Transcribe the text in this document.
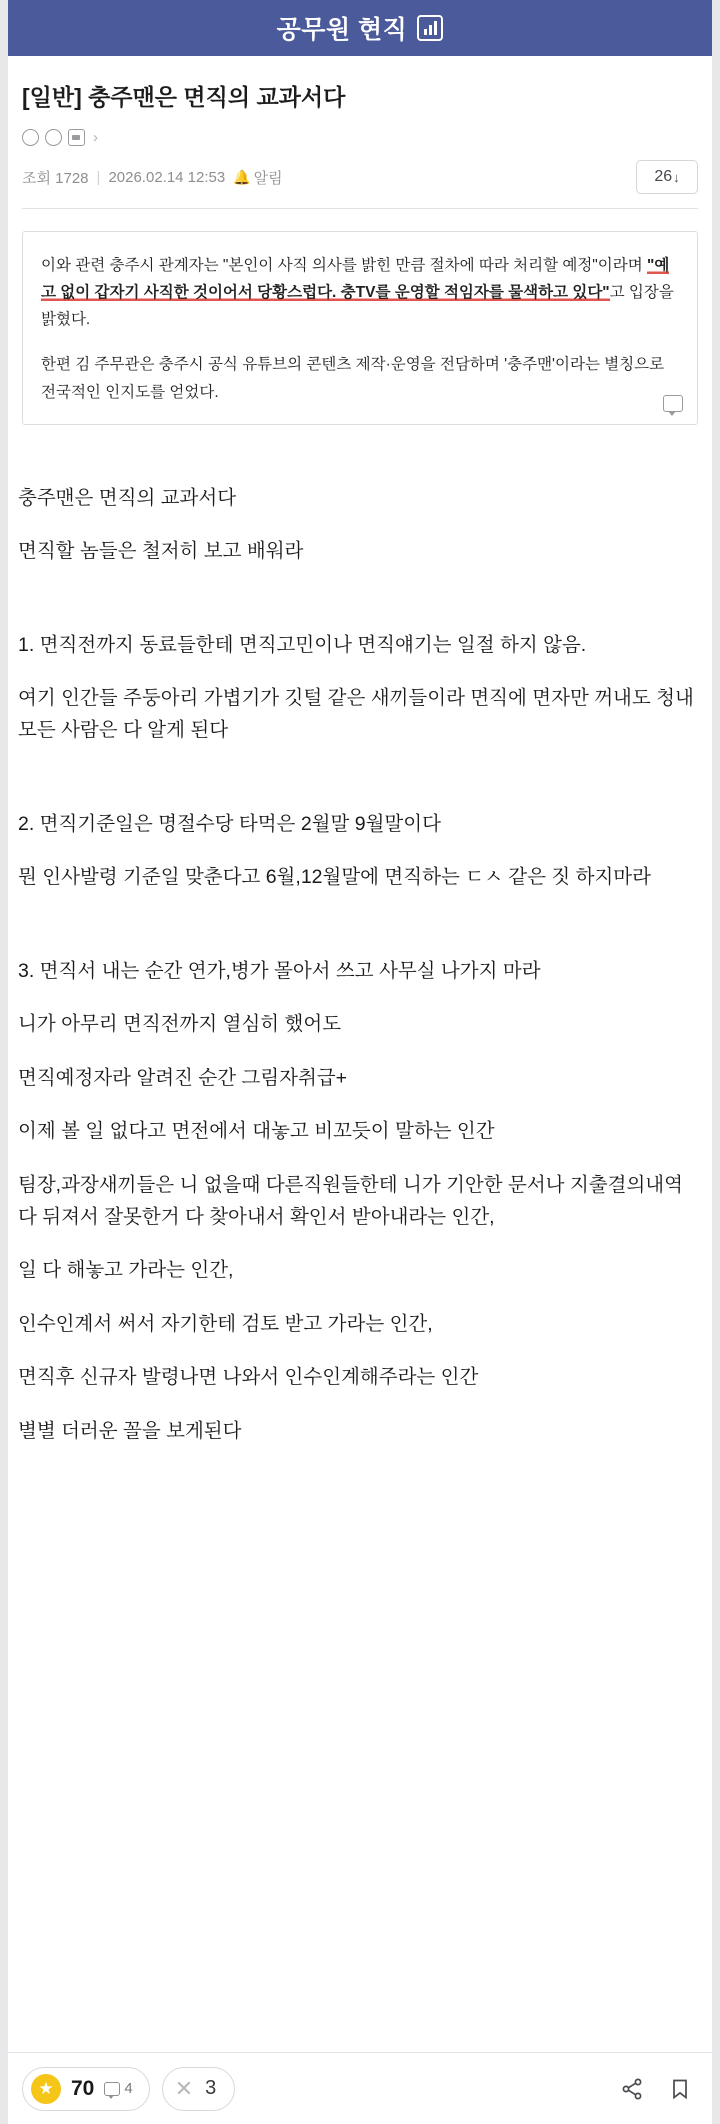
공무원 현직
[일반] 충주맨은 면직의 교과서다
›
조회 1728 | 2026.02.14 12:53 🔔 알림	26 ↓

이와 관련 충주시 관계자는 "본인이 사직 의사를 밝힌 만큼 절차에 따라 처리할 예정"이라며 "예고 없이 갑자기 사직한 것이어서 당황스럽다. 충TV를 운영할 적임자를 물색하고 있다"고 입장을 밝혔다.

한편 김 주무관은 충주시 공식 유튜브의 콘텐츠 제작·운영을 전담하며 '충주맨'이라는 별칭으로 전국적인 인지도를 얻었다.

충주맨은 면직의 교과서다

면직할 놈들은 철저히 보고 배워라

1. 면직전까지 동료들한테 면직고민이나 면직얘기는 일절 하지 않음.

여기 인간들 주둥아리 가볍기가 깃털 같은 새끼들이라 면직에 면자만 꺼내도 청내 모든 사람은 다 알게 된다

2. 면직기준일은 명절수당 타먹은 2월말 9월말이다

뭔 인사발령 기준일 맞춘다고 6월,12월말에 면직하는 ㄷㅅ 같은 짓 하지마라

3. 면직서 내는 순간 연가,병가 몰아서 쓰고 사무실 나가지 마라

니가 아무리 면직전까지 열심히 했어도

면직예정자라 알려진 순간 그림자취급+

이제 볼 일 없다고 면전에서 대놓고 비꼬듯이 말하는 인간

팀장,과장새끼들은 니 없을때 다른직원들한테 니가 기안한 문서나 지출결의내역 다 뒤져서 잘못한거 다 찾아내서 확인서 받아내라는 인간,

일 다 해놓고 가라는 인간,

인수인계서 써서 자기한테 검토 받고 가라는 인간,

면직후 신규자 발령나면 나와서 인수인계해주라는 인간

별별 더러운 꼴을 보게된다

★ 70 4 ✕ 3
